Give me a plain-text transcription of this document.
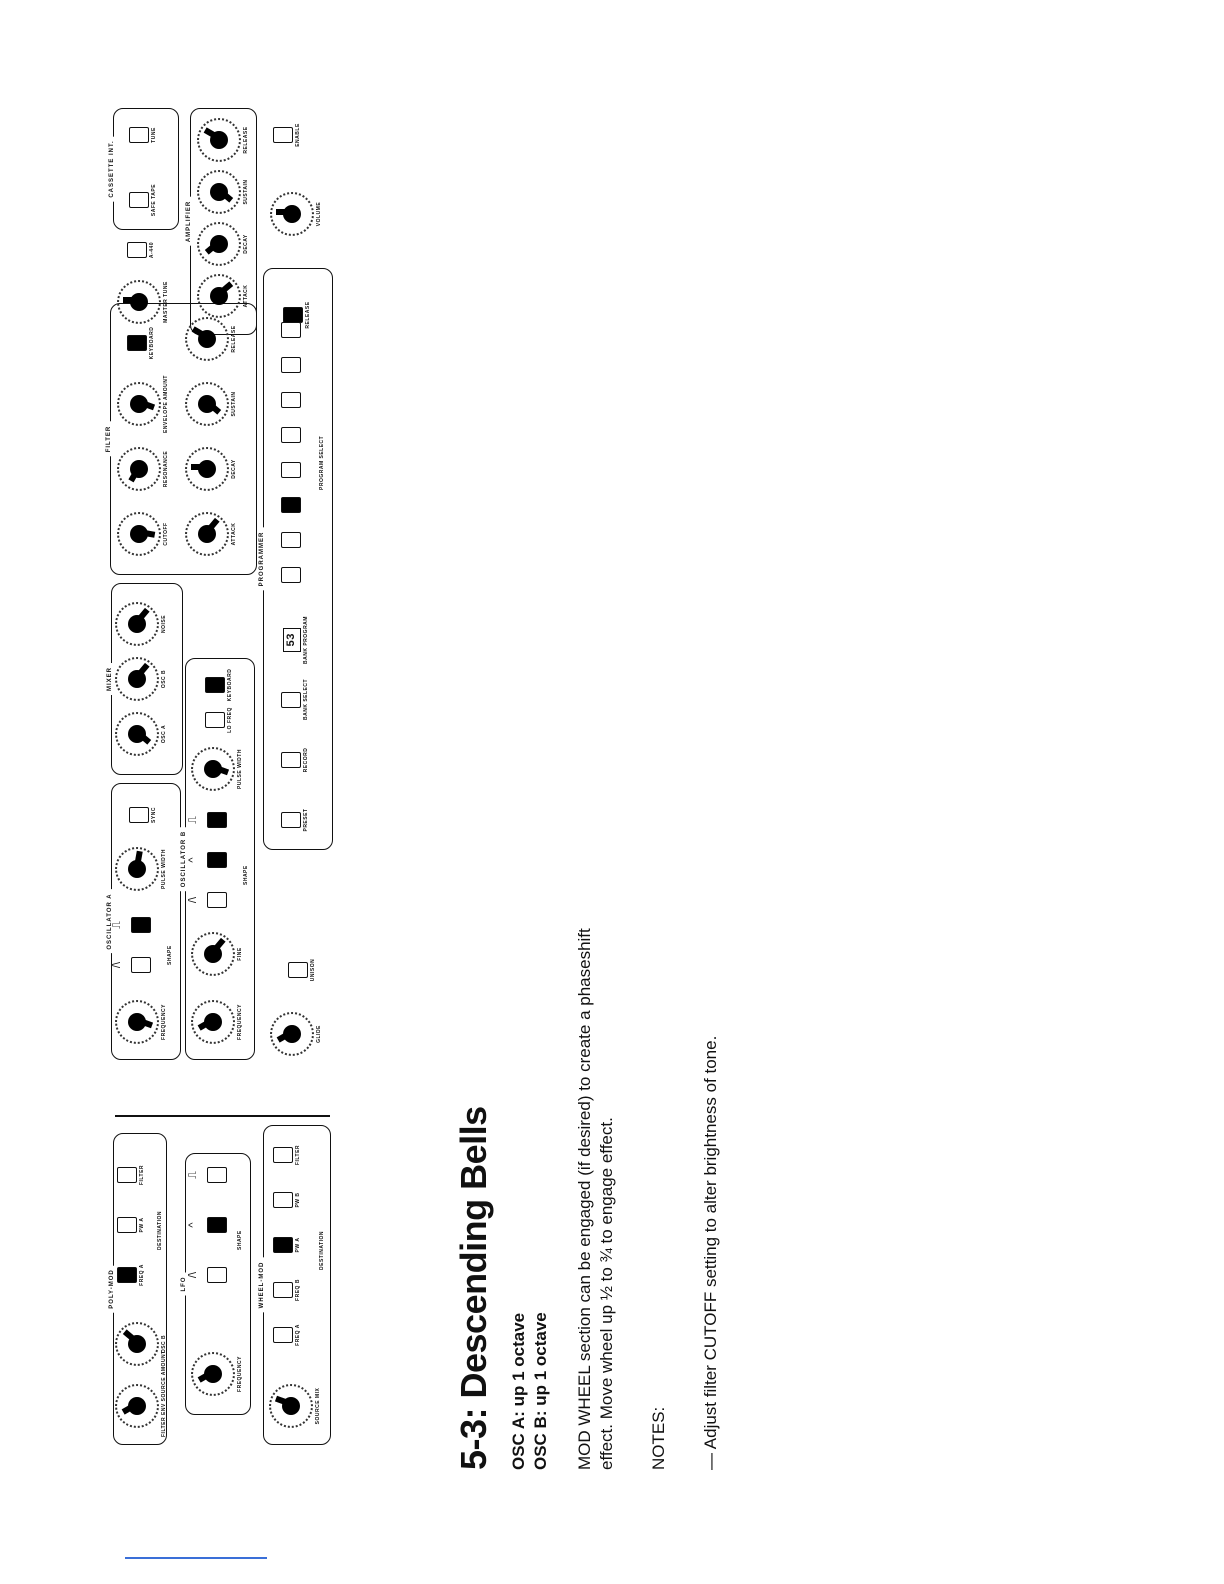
POLY-MOD	LFO	WHEEL-MOD
OSCILLATOR A
OSCILLATOR B
MIXER
FILTER
PROGRAMMER
AMPLIFIER
CASSETTE INT.
FILTER ENV SOURCE AMOUNT
OSC B
FREQ A
PW A
FILTER
DESTINATION
FREQUENCY
/\
^
⎍
SHAPE
SOURCE MIX
FREQ A
FREQ B
PW A
PW B
FILTER
DESTINATION
FREQUENCY
/\
⎍
SHAPE
PULSE WIDTH
SYNC
FREQUENCY
FINE
/\
^
⎍
SHAPE
PULSE WIDTH
LO FREQ
KEYBOARD
GLIDE
UNISON
OSC A
OSC B
NOISE
CUTOFF
RESONANCE
ENVELOPE AMOUNT
KEYBOARD
ATTACK
DECAY
SUSTAIN
RELEASE
PRESET
RECORD
BANK SELECT
53	BANK PROGRAM
PROGRAM SELECT
MASTER TUNE
A-440
ATTACK
DECAY
SUSTAIN
RELEASE
RELEASE
VOLUME
SAFE TAPE
TUNE	ENABLE
5-3: Descending Bells OSC A: up 1 octave OSC B: up 1 octave MOD WHEEL section can be engaged (if desired) to create a phaseshift effect. Move wheel up ½ to ¾ to engage effect. NOTES: — Adjust filter CUTOFF setting to alter brightness of tone.
